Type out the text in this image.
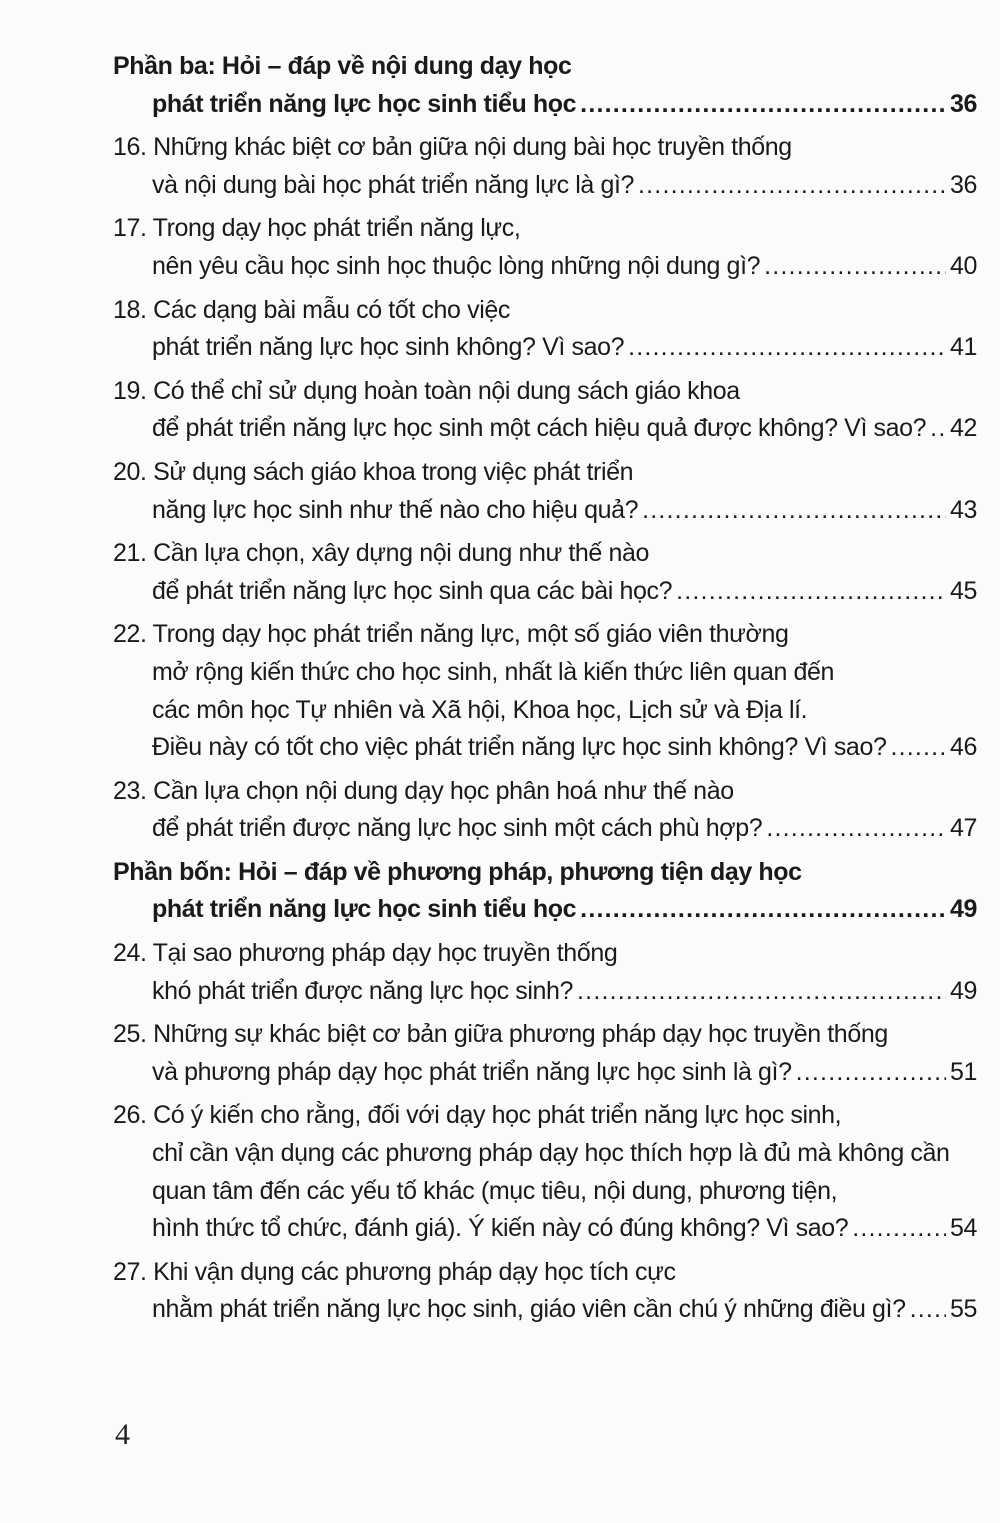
Phần ba: Hỏi – đáp về nội dung dạy học
phát triển năng lực học sinh tiểu học .....	36
16. Những khác biệt cơ bản giữa nội dung bài học truyền thống
và nội dung bài học phát triển năng lực là gì? .....	36
17. Trong dạy học phát triển năng lực,
nên yêu cầu học sinh học thuộc lòng những nội dung gì? .....	40
18. Các dạng bài mẫu có tốt cho việc
phát triển năng lực học sinh không? Vì sao? .....	41
19. Có thể chỉ sử dụng hoàn toàn nội dung sách giáo khoa
để phát triển năng lực học sinh một cách hiệu quả được không? Vì sao? ..... 42
20. Sử dụng sách giáo khoa trong việc phát triển
năng lực học sinh như thế nào cho hiệu quả? .....	43
21. Cần lựa chọn, xây dựng nội dung như thế nào
để phát triển năng lực học sinh qua các bài học? .....	45
22. Trong dạy học phát triển năng lực, một số giáo viên thường
mở rộng kiến thức cho học sinh, nhất là kiến thức liên quan đến
các môn học Tự nhiên và Xã hội, Khoa học, Lịch sử và Địa lí.
Điều này có tốt cho việc phát triển năng lực học sinh không? Vì sao? .....	46
23. Cần lựa chọn nội dung dạy học phân hoá như thế nào
để phát triển được năng lực học sinh một cách phù hợp? .....	47
Phần bốn: Hỏi – đáp về phương pháp, phương tiện dạy học
phát triển năng lực học sinh tiểu học .....	49
24. Tại sao phương pháp dạy học truyền thống
khó phát triển được năng lực học sinh? .....	49
25. Những sự khác biệt cơ bản giữa phương pháp dạy học truyền thống
và phương pháp dạy học phát triển năng lực học sinh là gì? .....	51
26. Có ý kiến cho rằng, đối với dạy học phát triển năng lực học sinh,
chỉ cần vận dụng các phương pháp dạy học thích hợp là đủ mà không cần
quan tâm đến các yếu tố khác (mục tiêu, nội dung, phương tiện,
hình thức tổ chức, đánh giá). Ý kiến này có đúng không? Vì sao? .....	54
27. Khi vận dụng các phương pháp dạy học tích cực
nhằm phát triển năng lực học sinh, giáo viên cần chú ý những điều gì? ..... 55
4
